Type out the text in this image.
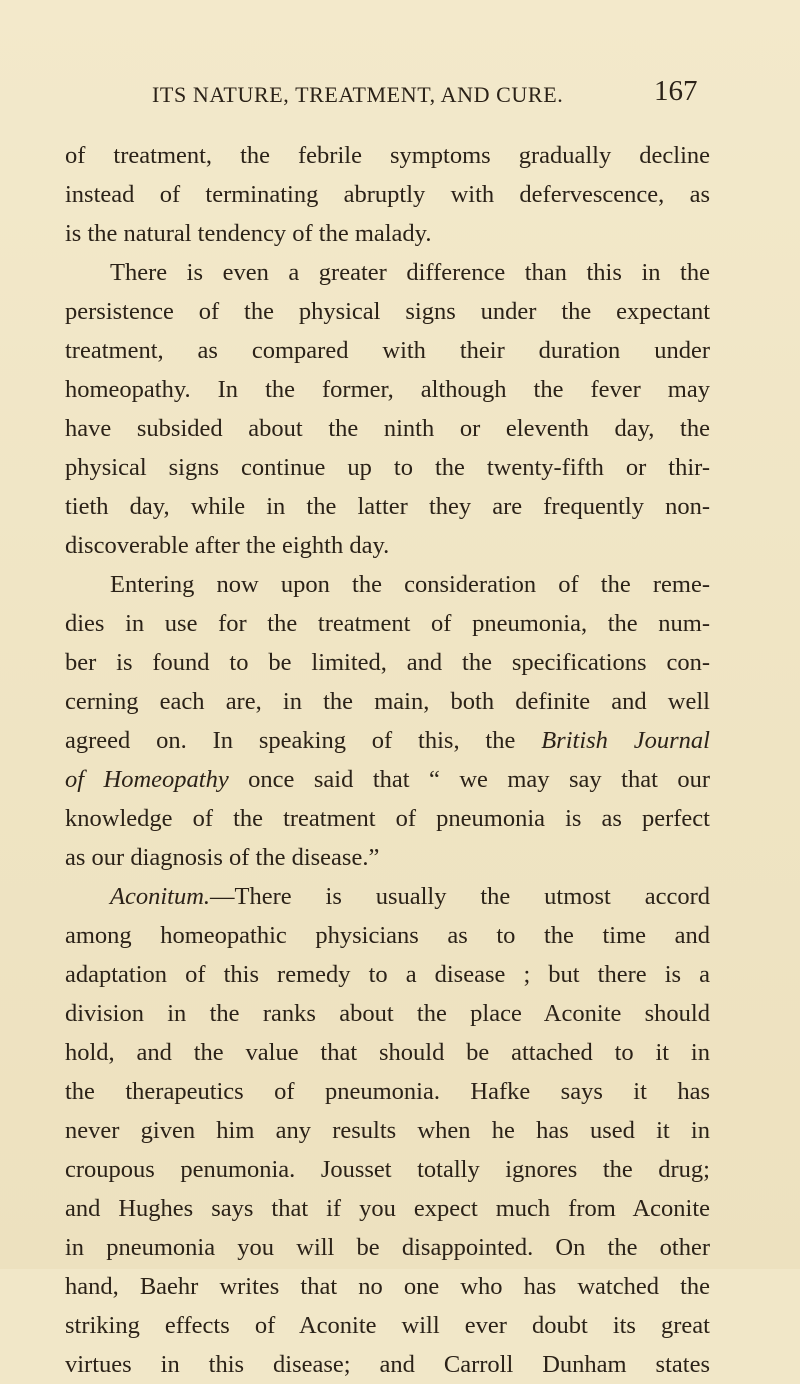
ITS NATURE, TREATMENT, AND CURE.	167
of treatment, the febrile symptoms gradually decline
instead of terminating abruptly with defervescence, as
is the natural tendency of the malady.
There is even a greater difference than this in the
persistence of the physical signs under the expectant
treatment, as compared with their duration under
homeopathy. In the former, although the fever may
have subsided about the ninth or eleventh day, the
physical signs continue up to the twenty-fifth or thir-
tieth day, while in the latter they are frequently non-
discoverable after the eighth day.
Entering now upon the consideration of the reme-
dies in use for the treatment of pneumonia, the num-
ber is found to be limited, and the specifications con-
cerning each are, in the main, both definite and well
agreed on. In speaking of this, the British Journal
of Homeopathy once said that “ we may say that our
knowledge of the treatment of pneumonia is as perfect
as our diagnosis of the disease.”
Aconitum.—There is usually the utmost accord
among homeopathic physicians as to the time and
adaptation of this remedy to a disease ; but there is a
division in the ranks about the place Aconite should
hold, and the value that should be attached to it in
the therapeutics of pneumonia. Hafke says it has
never given him any results when he has used it in
croupous penumonia. Jousset totally ignores the drug;
and Hughes says that if you expect much from Aconite
in pneumonia you will be disappointed. On the other
hand, Baehr writes that no one who has watched the
striking effects of Aconite will ever doubt its great
virtues in this disease; and Carroll Dunham states
